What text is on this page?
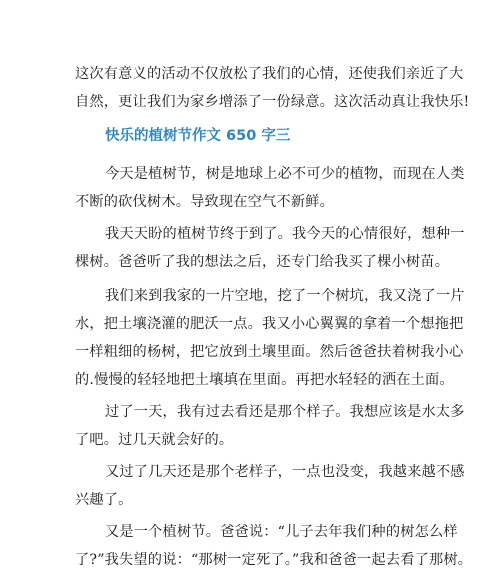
这次有意义的活动不仅放松了我们的心情，还使我们亲近了大
自然，更让我们为家乡增添了一份绿意。这次活动真让我快乐!

快乐的植树节作文 650 字三

今天是植树节，树是地球上必不可少的植物，而现在人类
不断的砍伐树木。导致现在空气不新鲜。

我天天盼的植树节终于到了。我今天的心情很好，想种一
棵树。爸爸听了我的想法之后，还专门给我买了棵小树苗。

我们来到我家的一片空地，挖了一个树坑，我又浇了一片
水，把土壤浇灌的肥沃一点。我又小心翼翼的拿着一个想拖把
一样粗细的杨树，把它放到土壤里面。然后爸爸扶着树我小心
的.慢慢的轻轻地把土壤填在里面。再把水轻轻的洒在土面。

过了一天，我有过去看还是那个样子。我想应该是水太多
了吧。过几天就会好的。

又过了几天还是那个老样子，一点也没变，我越来越不感
兴趣了。

又是一个植树节。爸爸说：“儿子去年我们种的树怎么样
了?”我失望的说：“那树一定死了。”我和爸爸一起去看了那树。
